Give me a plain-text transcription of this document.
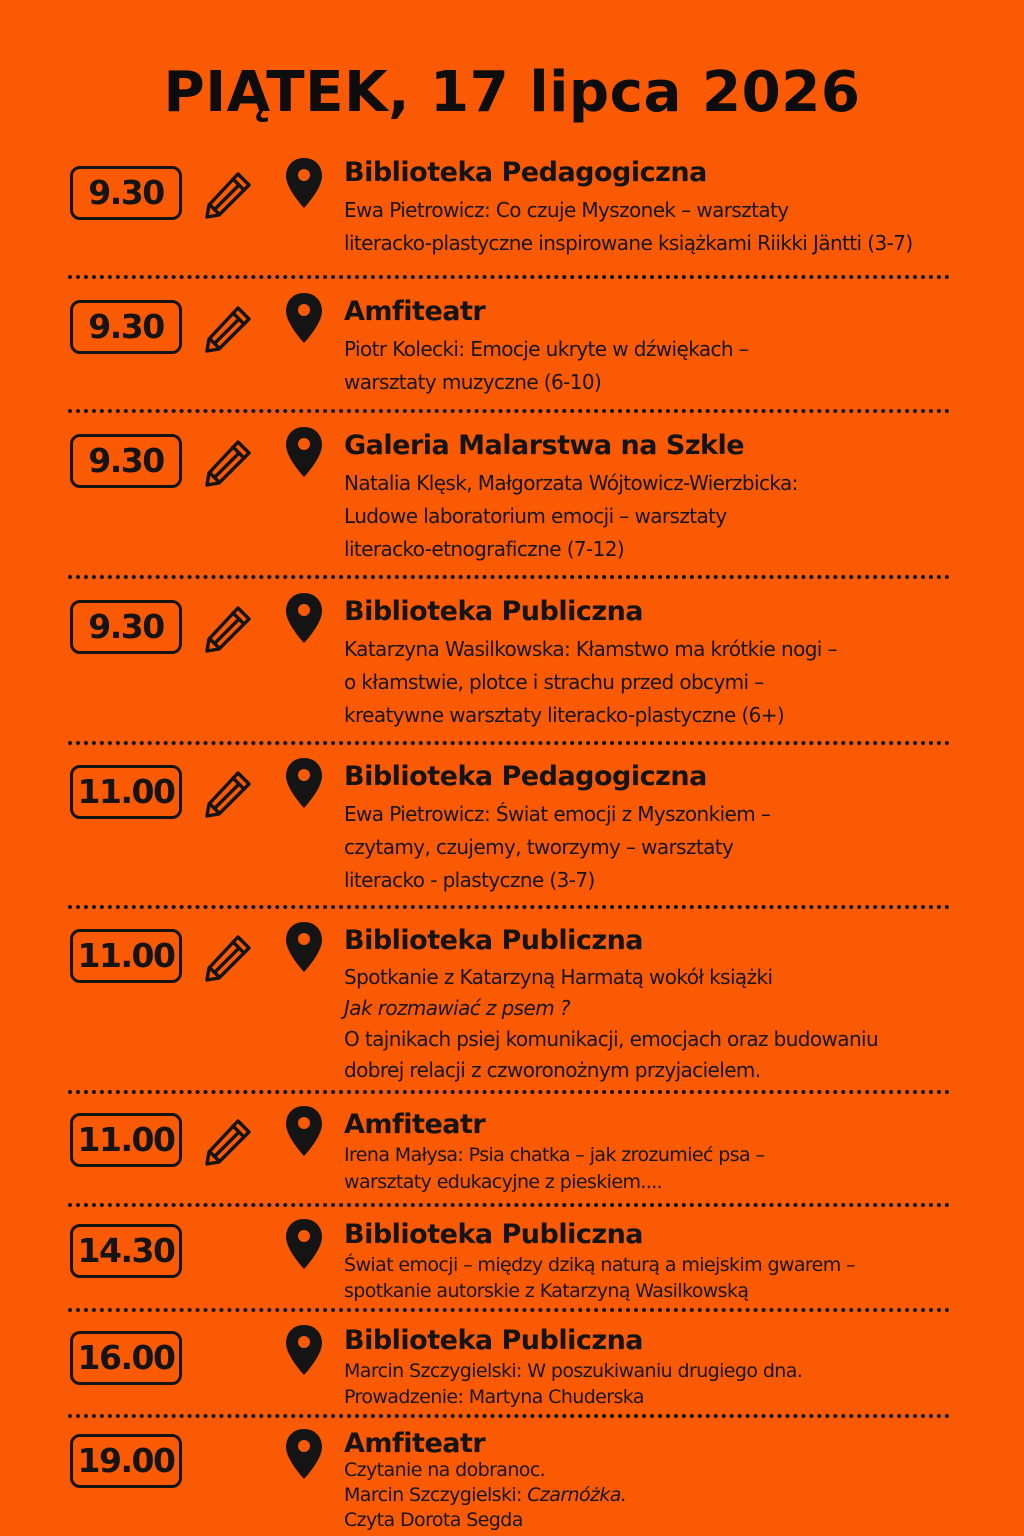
PIĄTEK, 17 lipca 2026
9.30
Biblioteka Pedagogiczna
Ewa Pietrowicz: Co czuje Myszonek – warsztaty
literacko-plastyczne inspirowane książkami Riikki Jäntti (3-7)
9.30	Amfiteatr
Piotr Kolecki: Emocje ukryte w dźwiękach –
warsztaty muzyczne (6-10)
9.30	Galeria Malarstwa na Szkle
Natalia Klęsk, Małgorzata Wójtowicz-Wierzbicka:
Ludowe laboratorium emocji – warsztaty
literacko-etnograficzne (7-12)
9.30	Biblioteka Publiczna
Katarzyna Wasilkowska: Kłamstwo ma krótkie nogi –
o kłamstwie, plotce i strachu przed obcymi –
kreatywne warsztaty literacko-plastyczne (6+)
11.00	Biblioteka Pedagogiczna
Ewa Pietrowicz: Świat emocji z Myszonkiem –
czytamy, czujemy, tworzymy – warsztaty
literacko - plastyczne (3-7)
11.00	Biblioteka Publiczna
Spotkanie z Katarzyną Harmatą wokół książki
Jak rozmawiać z psem ?
O tajnikach psiej komunikacji, emocjach oraz budowaniu
dobrej relacji z czworonożnym przyjacielem.
11.00	Amfiteatr
Irena Małysa: Psia chatka – jak zrozumieć psa –
warsztaty edukacyjne z pieskiem....
14.30	Biblioteka Publiczna
Świat emocji – między dziką naturą a miejskim gwarem –
spotkanie autorskie z Katarzyną Wasilkowską
16.00	Biblioteka Publiczna
Marcin Szczygielski: W poszukiwaniu drugiego dna.
Prowadzenie: Martyna Chuderska
19.00	Amfiteatr
Czytanie na dobranoc.
Marcin Szczygielski: Czarnóżka.
Czyta Dorota Segda
